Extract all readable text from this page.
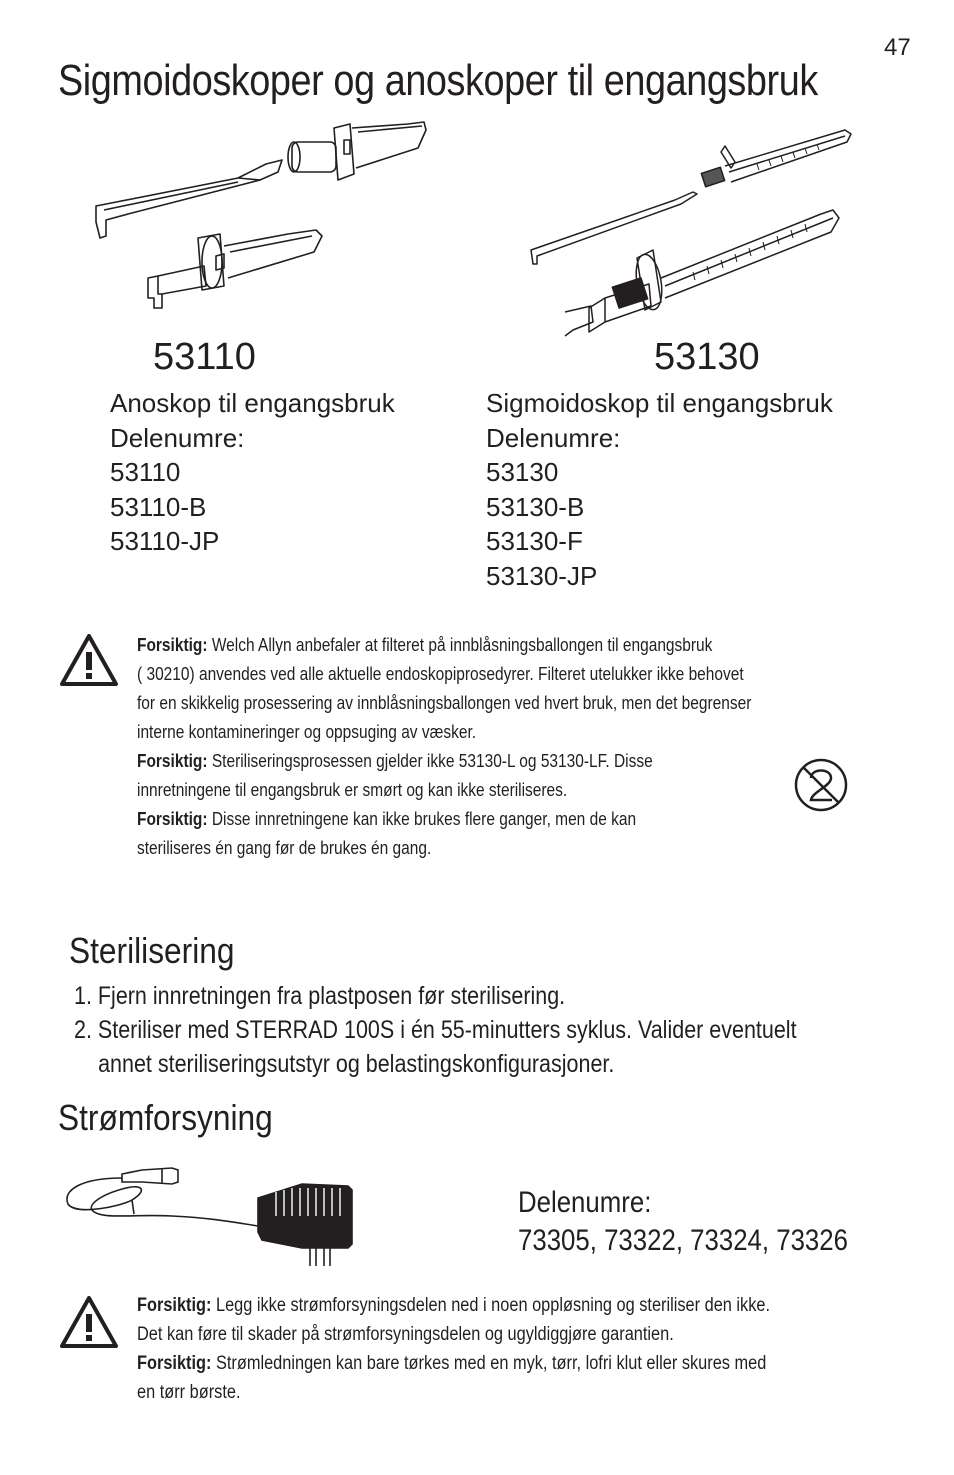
47
Sigmoidoskoper og anoskoper til engangsbruk
53110
Anoskop til engangsbruk
Delenumre:
53110
53110-B
53110-JP
53130
Sigmoidoskop til engangsbruk
Delenumre:
53130
53130-B
53130-F
53130-JP
Forsiktig: Welch Allyn anbefaler at filteret på innblåsningsballongen til engangsbruk
( 30210) anvendes ved alle aktuelle endoskopiprosedyrer. Filteret utelukker ikke behovet
for en skikkelig prosessering av innblåsningsballongen ved hvert bruk, men det begrenser
interne kontamineringer og oppsuging av væsker.
Forsiktig: Steriliseringsprosessen gjelder ikke 53130-L og 53130-LF. Disse
innretningene til engangsbruk er smørt og kan ikke steriliseres.
Forsiktig: Disse innretningene kan ikke brukes flere ganger, men de kan
steriliseres én gang før de brukes én gang.
Sterilisering
1. Fjern innretningen fra plastposen før sterilisering.
2. Steriliser med STERRAD 100S i én 55-minutters syklus. Valider eventuelt
annet steriliseringsutstyr og belastingskonfigurasjoner.
Strømforsyning
Delenumre:
73305, 73322, 73324, 73326
Forsiktig: Legg ikke strømforsyningsdelen ned i noen oppløsning og steriliser den ikke.
Det kan føre til skader på strømforsyningsdelen og ugyldiggjøre garantien.
Forsiktig: Strømledningen kan bare tørkes med en myk, tørr, lofri klut eller skures med
en tørr børste.
